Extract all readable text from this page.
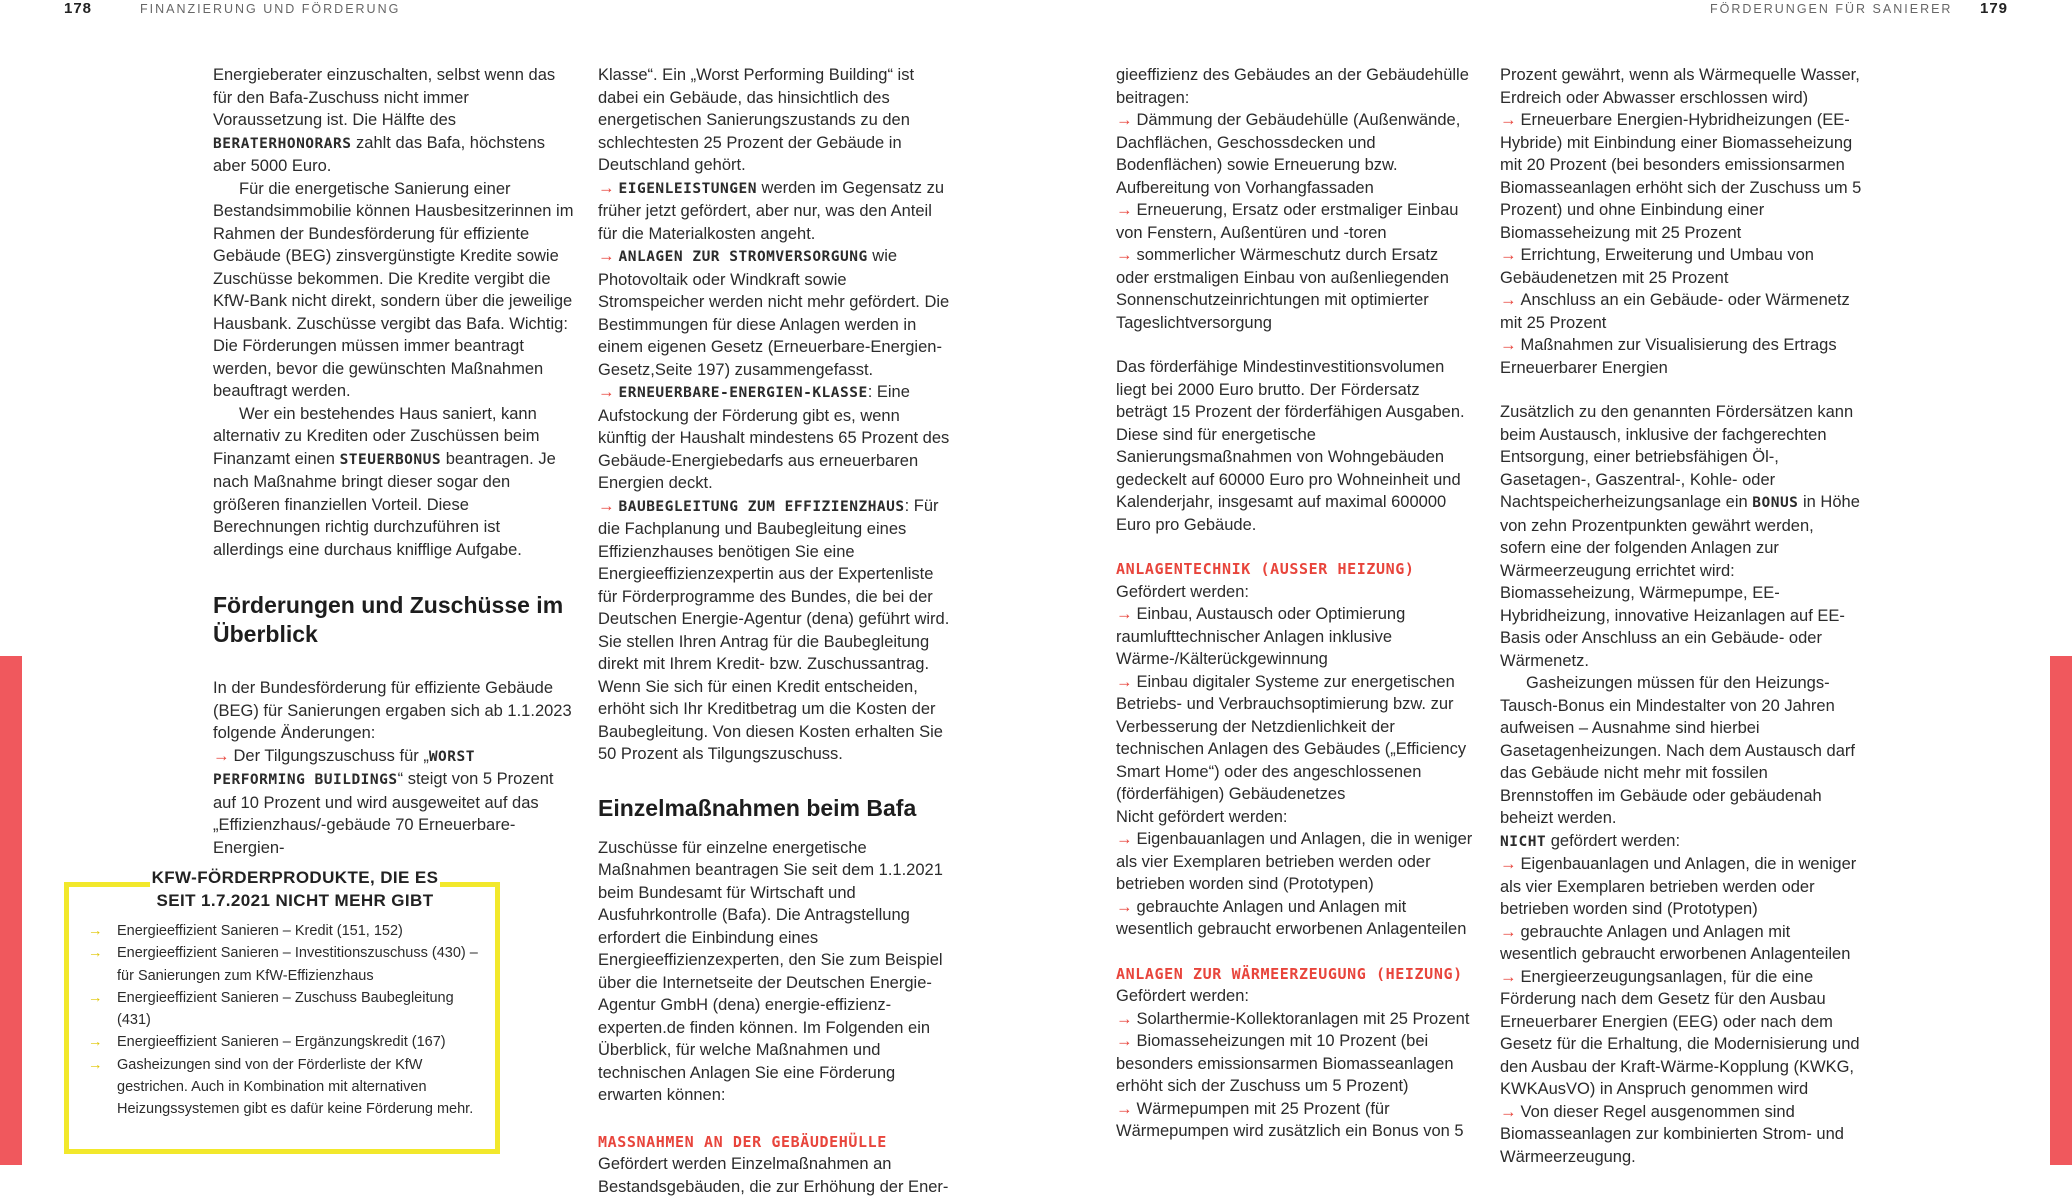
178	FINANZIERUNG UND FÖRDERUNG	FÖRDERUNGEN FÜR SANIERER 179

Energieberater einzuschalten, selbst wenn das für den Bafa-Zuschuss nicht immer Voraussetzung ist. Die Hälfte des BERATERHONORARS zahlt das Bafa, höchstens aber 5000 Euro.

Für die energetische Sanierung einer Bestandsimmobilie können Hausbesitzerinnen im Rahmen der Bundesförderung für effiziente Gebäude (BEG) zinsvergünstigte Kredite sowie Zuschüsse bekommen. Die Kredite vergibt die KfW-Bank nicht direkt, sondern über die jeweilige Hausbank. Zuschüsse vergibt das Bafa. Wichtig: Die Förderungen müssen immer beantragt werden, bevor die gewünschten Maßnahmen beauftragt werden.

Wer ein bestehendes Haus saniert, kann alternativ zu Krediten oder Zuschüssen beim Finanzamt einen STEUERBONUS beantragen. Je nach Maßnahme bringt dieser sogar den größeren finanziellen Vorteil. Diese Berechnungen richtig durchzuführen ist allerdings eine durchaus knifflige Aufgabe.

Förderungen und Zuschüsse im Überblick

In der Bundesförderung für effiziente Gebäude (BEG) für Sanierungen ergaben sich ab 1.1.2023 folgende Änderungen:

→ Der Tilgungszuschuss für „WORST PERFORMING BUILDINGS“ steigt von 5 Prozent auf 10 Prozent und wird ausgeweitet auf das „Effizienzhaus/-gebäude 70 Erneuerbare-Energien-

KFW-FÖRDERPRODUKTE, DIE ES SEIT 1.7.2021 NICHT MEHR GIBT
→ Energieeffizient Sanieren – Kredit (151, 152)
→ Energieeffizient Sanieren – Investitionszuschuss (430) – für Sanierungen zum KfW-Effizienzhaus
→ Energieeffizient Sanieren – Zuschuss Baubegleitung (431)
→ Energieeffizient Sanieren – Ergänzungskredit (167)
→ Gasheizungen sind von der Förderliste der KfW gestrichen. Auch in Kombination mit alternativen Heizungssystemen gibt es dafür keine Förderung mehr.

Klasse“. Ein „Worst Performing Building“ ist dabei ein Gebäude, das hinsichtlich des energetischen Sanierungszustands zu den schlechtesten 25 Prozent der Gebäude in Deutschland gehört.

→ EIGENLEISTUNGEN werden im Gegensatz zu früher jetzt gefördert, aber nur, was den Anteil für die Materialkosten angeht.

→ ANLAGEN ZUR STROMVERSORGUNG wie Photovoltaik oder Windkraft sowie Stromspeicher werden nicht mehr gefördert. Die Bestimmungen für diese Anlagen werden in einem eigenen Gesetz (Erneuerbare-Energien-Gesetz,Seite 197) zusammengefasst.

→ ERNEUERBARE-ENERGIEN-KLASSE: Eine Aufstockung der Förderung gibt es, wenn künftig der Haushalt mindestens 65 Prozent des Gebäude-Energiebedarfs aus erneuerbaren Energien deckt.

→ BAUBEGLEITUNG ZUM EFFIZIENZHAUS: Für die Fachplanung und Baubegleitung eines Effizienzhauses benötigen Sie eine Energieeffizienzexpertin aus der Expertenliste für Förderprogramme des Bundes, die bei der Deutschen Energie-Agentur (dena) geführt wird. Sie stellen Ihren Antrag für die Baubegleitung direkt mit Ihrem Kredit- bzw. Zuschussantrag. Wenn Sie sich für einen Kredit entscheiden, erhöht sich Ihr Kreditbetrag um die Kosten der Baubegleitung. Von diesen Kosten erhalten Sie 50 Prozent als Tilgungszuschuss.

Einzelmaßnahmen beim Bafa

Zuschüsse für einzelne energetische Maßnahmen beantragen Sie seit dem 1.1.2021 beim Bundesamt für Wirtschaft und Ausfuhrkontrolle (Bafa). Die Antragstellung erfordert die Einbindung eines Energieeffizienzexperten, den Sie zum Beispiel über die Internetseite der Deutschen Energie-Agentur GmbH (dena) energie-effizienz-experten.de finden können. Im Folgenden ein Überblick, für welche Maßnahmen und technischen Anlagen Sie eine Förderung erwarten können:

MASSNAHMEN AN DER GEBÄUDEHÜLLE

Gefördert werden Einzelmaßnahmen an Bestandsgebäuden, die zur Erhöhung der Ener-

gieeffizienz des Gebäudes an der Gebäudehülle beitragen:

→ Dämmung der Gebäudehülle (Außenwände, Dachflächen, Geschossdecken und Bodenflächen) sowie Erneuerung bzw. Aufbereitung von Vorhangfassaden

→ Erneuerung, Ersatz oder erstmaliger Einbau von Fenstern, Außentüren und -toren

→ sommerlicher Wärmeschutz durch Ersatz oder erstmaligen Einbau von außenliegenden Sonnenschutzeinrichtungen mit optimierter Tageslichtversorgung

Das förderfähige Mindestinvestitionsvolumen liegt bei 2000 Euro brutto. Der Fördersatz beträgt 15 Prozent der förderfähigen Ausgaben. Diese sind für energetische Sanierungsmaßnahmen von Wohngebäuden gedeckelt auf 60000 Euro pro Wohneinheit und Kalenderjahr, insgesamt auf maximal 600000 Euro pro Gebäude.

ANLAGENTECHNIK (AUSSER HEIZUNG)

Gefördert werden:

→ Einbau, Austausch oder Optimierung raumlufttechnischer Anlagen inklusive Wärme-/Kälterückgewinnung

→ Einbau digitaler Systeme zur energetischen Betriebs- und Verbrauchsoptimierung bzw. zur Verbesserung der Netzdienlichkeit der technischen Anlagen des Gebäudes („Efficiency Smart Home“) oder des angeschlossenen (förderfähigen) Gebäudenetzes

Nicht gefördert werden:

→ Eigenbauanlagen und Anlagen, die in weniger als vier Exemplaren betrieben werden oder betrieben worden sind (Prototypen)

→ gebrauchte Anlagen und Anlagen mit wesentlich gebraucht erworbenen Anlagenteilen

ANLAGEN ZUR WÄRMEERZEUGUNG (HEIZUNG)

Gefördert werden:

→ Solarthermie-Kollektoranlagen mit 25 Prozent

→ Biomasseheizungen mit 10 Prozent (bei besonders emissionsarmen Biomasseanlagen erhöht sich der Zuschuss um 5 Prozent)

→ Wärmepumpen mit 25 Prozent (für Wärmepumpen wird zusätzlich ein Bonus von 5

Prozent gewährt, wenn als Wärmequelle Wasser, Erdreich oder Abwasser erschlossen wird)

→ Erneuerbare Energien-Hybridheizungen (EE-Hybride) mit Einbindung einer Biomasseheizung mit 20 Prozent (bei besonders emissionsarmen Biomasseanlagen erhöht sich der Zuschuss um 5 Prozent) und ohne Einbindung einer Biomasseheizung mit 25 Prozent

→ Errichtung, Erweiterung und Umbau von Gebäudenetzen mit 25 Prozent

→ Anschluss an ein Gebäude- oder Wärmenetz mit 25 Prozent

→ Maßnahmen zur Visualisierung des Ertrags Erneuerbarer Energien

Zusätzlich zu den genannten Fördersätzen kann beim Austausch, inklusive der fachgerechten Entsorgung, einer betriebsfähigen Öl-, Gasetagen-, Gaszentral-, Kohle- oder Nachtspeicherheizungsanlage ein BONUS in Höhe von zehn Prozentpunkten gewährt werden, sofern eine der folgenden Anlagen zur Wärmeerzeugung errichtet wird: Biomasseheizung, Wärmepumpe, EE-Hybridheizung, innovative Heizanlagen auf EE-Basis oder Anschluss an ein Gebäude- oder Wärmenetz.

Gasheizungen müssen für den Heizungs-Tausch-Bonus ein Mindestalter von 20 Jahren aufweisen – Ausnahme sind hierbei Gasetagenheizungen. Nach dem Austausch darf das Gebäude nicht mehr mit fossilen Brennstoffen im Gebäude oder gebäudenah beheizt werden.

NICHT gefördert werden:

→ Eigenbauanlagen und Anlagen, die in weniger als vier Exemplaren betrieben werden oder betrieben worden sind (Prototypen)

→ gebrauchte Anlagen und Anlagen mit wesentlich gebraucht erworbenen Anlagenteilen

→ Energieerzeugungsanlagen, für die eine Förderung nach dem Gesetz für den Ausbau Erneuerbarer Energien (EEG) oder nach dem Gesetz für die Erhaltung, die Modernisierung und den Ausbau der Kraft-Wärme-Kopplung (KWKG, KWKAusVO) in Anspruch genommen wird

→ Von dieser Regel ausgenommen sind Biomasseanlagen zur kombinierten Strom- und Wärmeerzeugung.
